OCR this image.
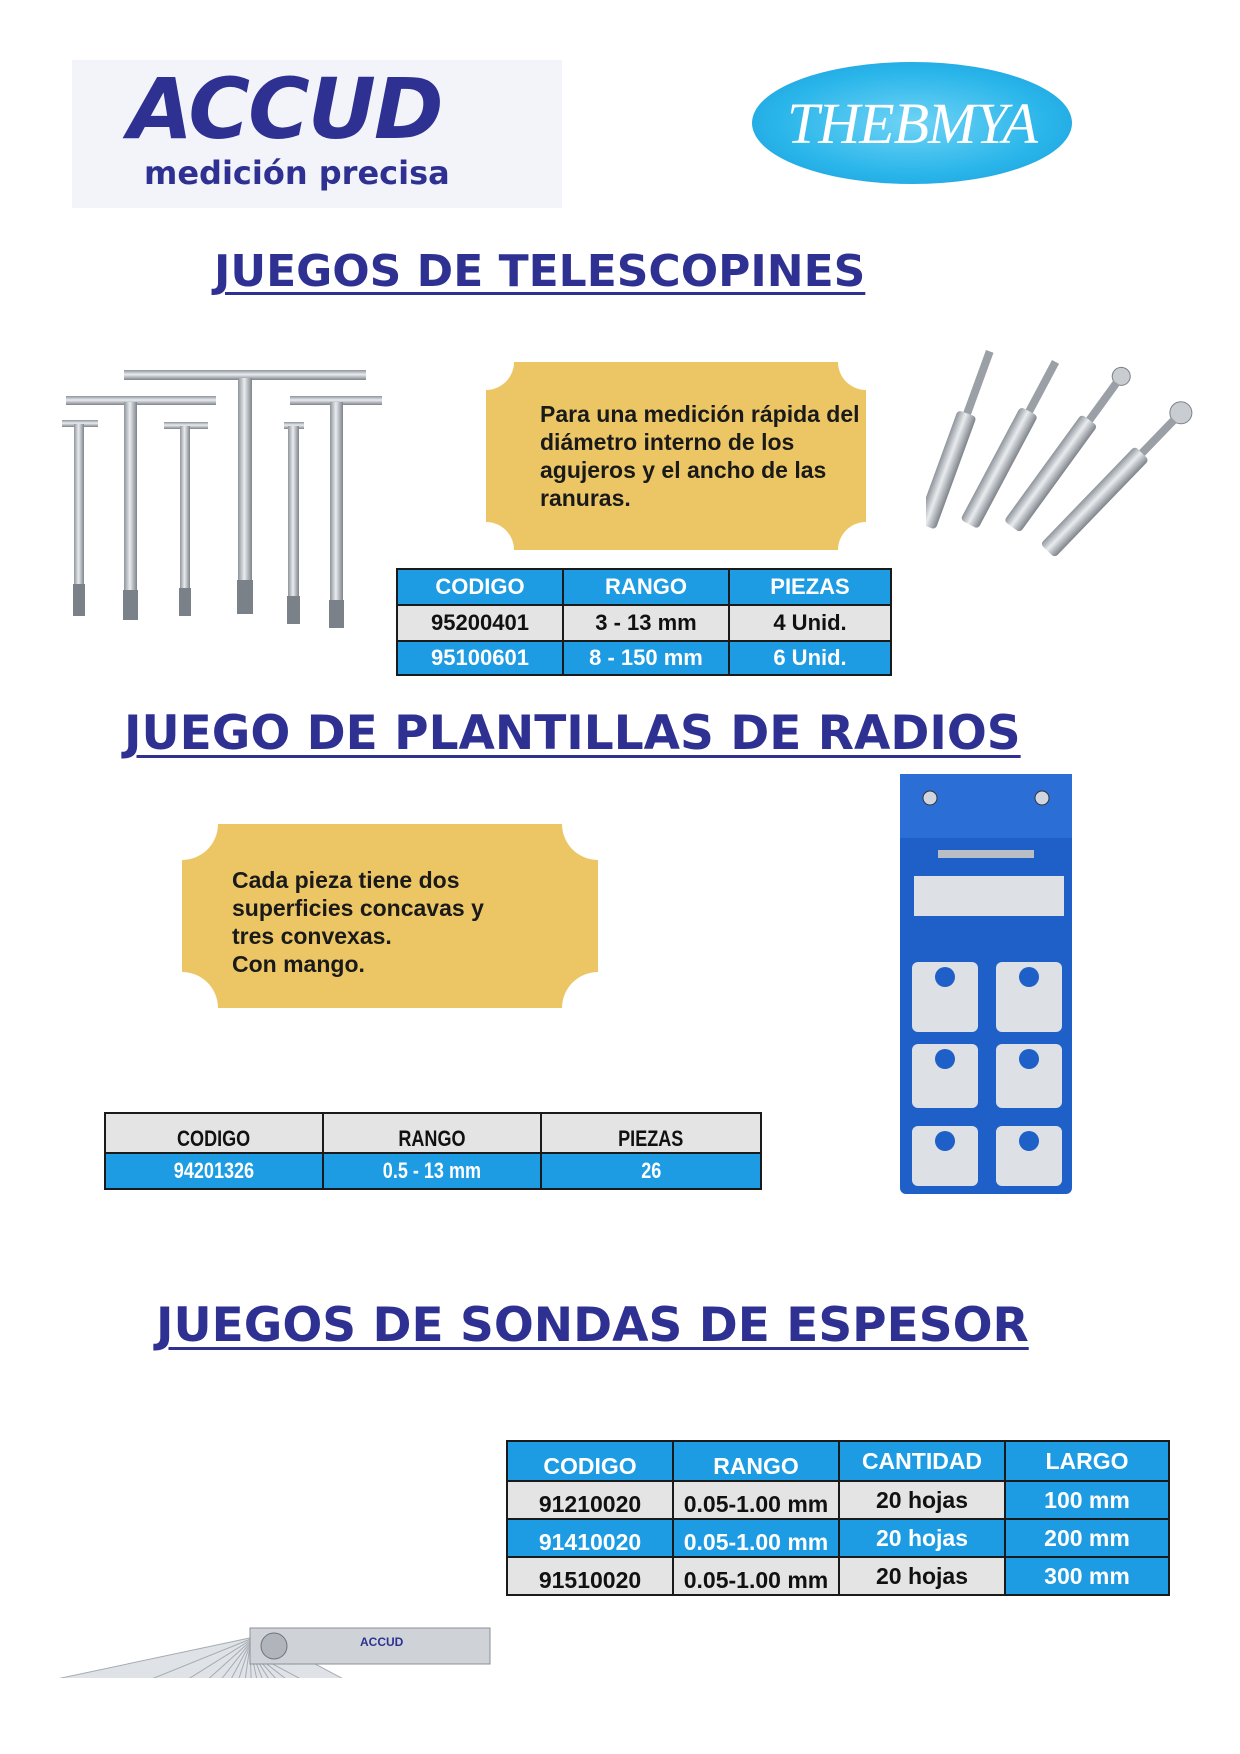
ACCUD
medición precisa
THEBMYA
JUEGOS DE TELESCOPINES
Para una medición rápida del diámetro interno de los agujeros y el ancho de las ranuras.
CODIGO	RANGO	PIEZAS
95200401	3 - 13 mm	4 Unid.
95100601	8 - 150 mm	6 Unid.
JUEGO DE PLANTILLAS DE RADIOS
Cada pieza tiene dos
superficies concavas y
tres convexas.
Con mango.
CODIGO	RANGO	PIEZAS
94201326	0.5 - 13 mm	26
JUEGOS DE SONDAS DE ESPESOR
ACCUD
CODIGO	RANGO	CANTIDAD	LARGO
91210020	0.05-1.00 mm	20 hojas	100 mm
91410020	0.05-1.00 mm	20 hojas	200 mm
91510020	0.05-1.00 mm	20 hojas	300 mm
